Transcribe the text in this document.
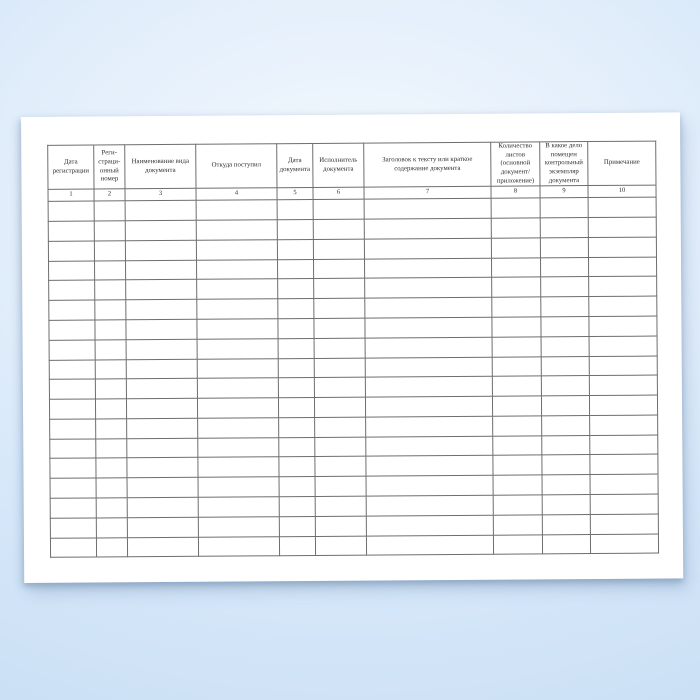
Дата регистрации	Реги- страци- онный номер	Наименование вида документа	Откуда поступил	Дата документа	Исполнитель документа	Заголовок к тексту или краткое содержание документа	Количество листов (основной документ/ приложение)	В какое дело помещен контрольный экземпляр документа	Примечание
1	2	3	4	5	6	7	8	9	10
